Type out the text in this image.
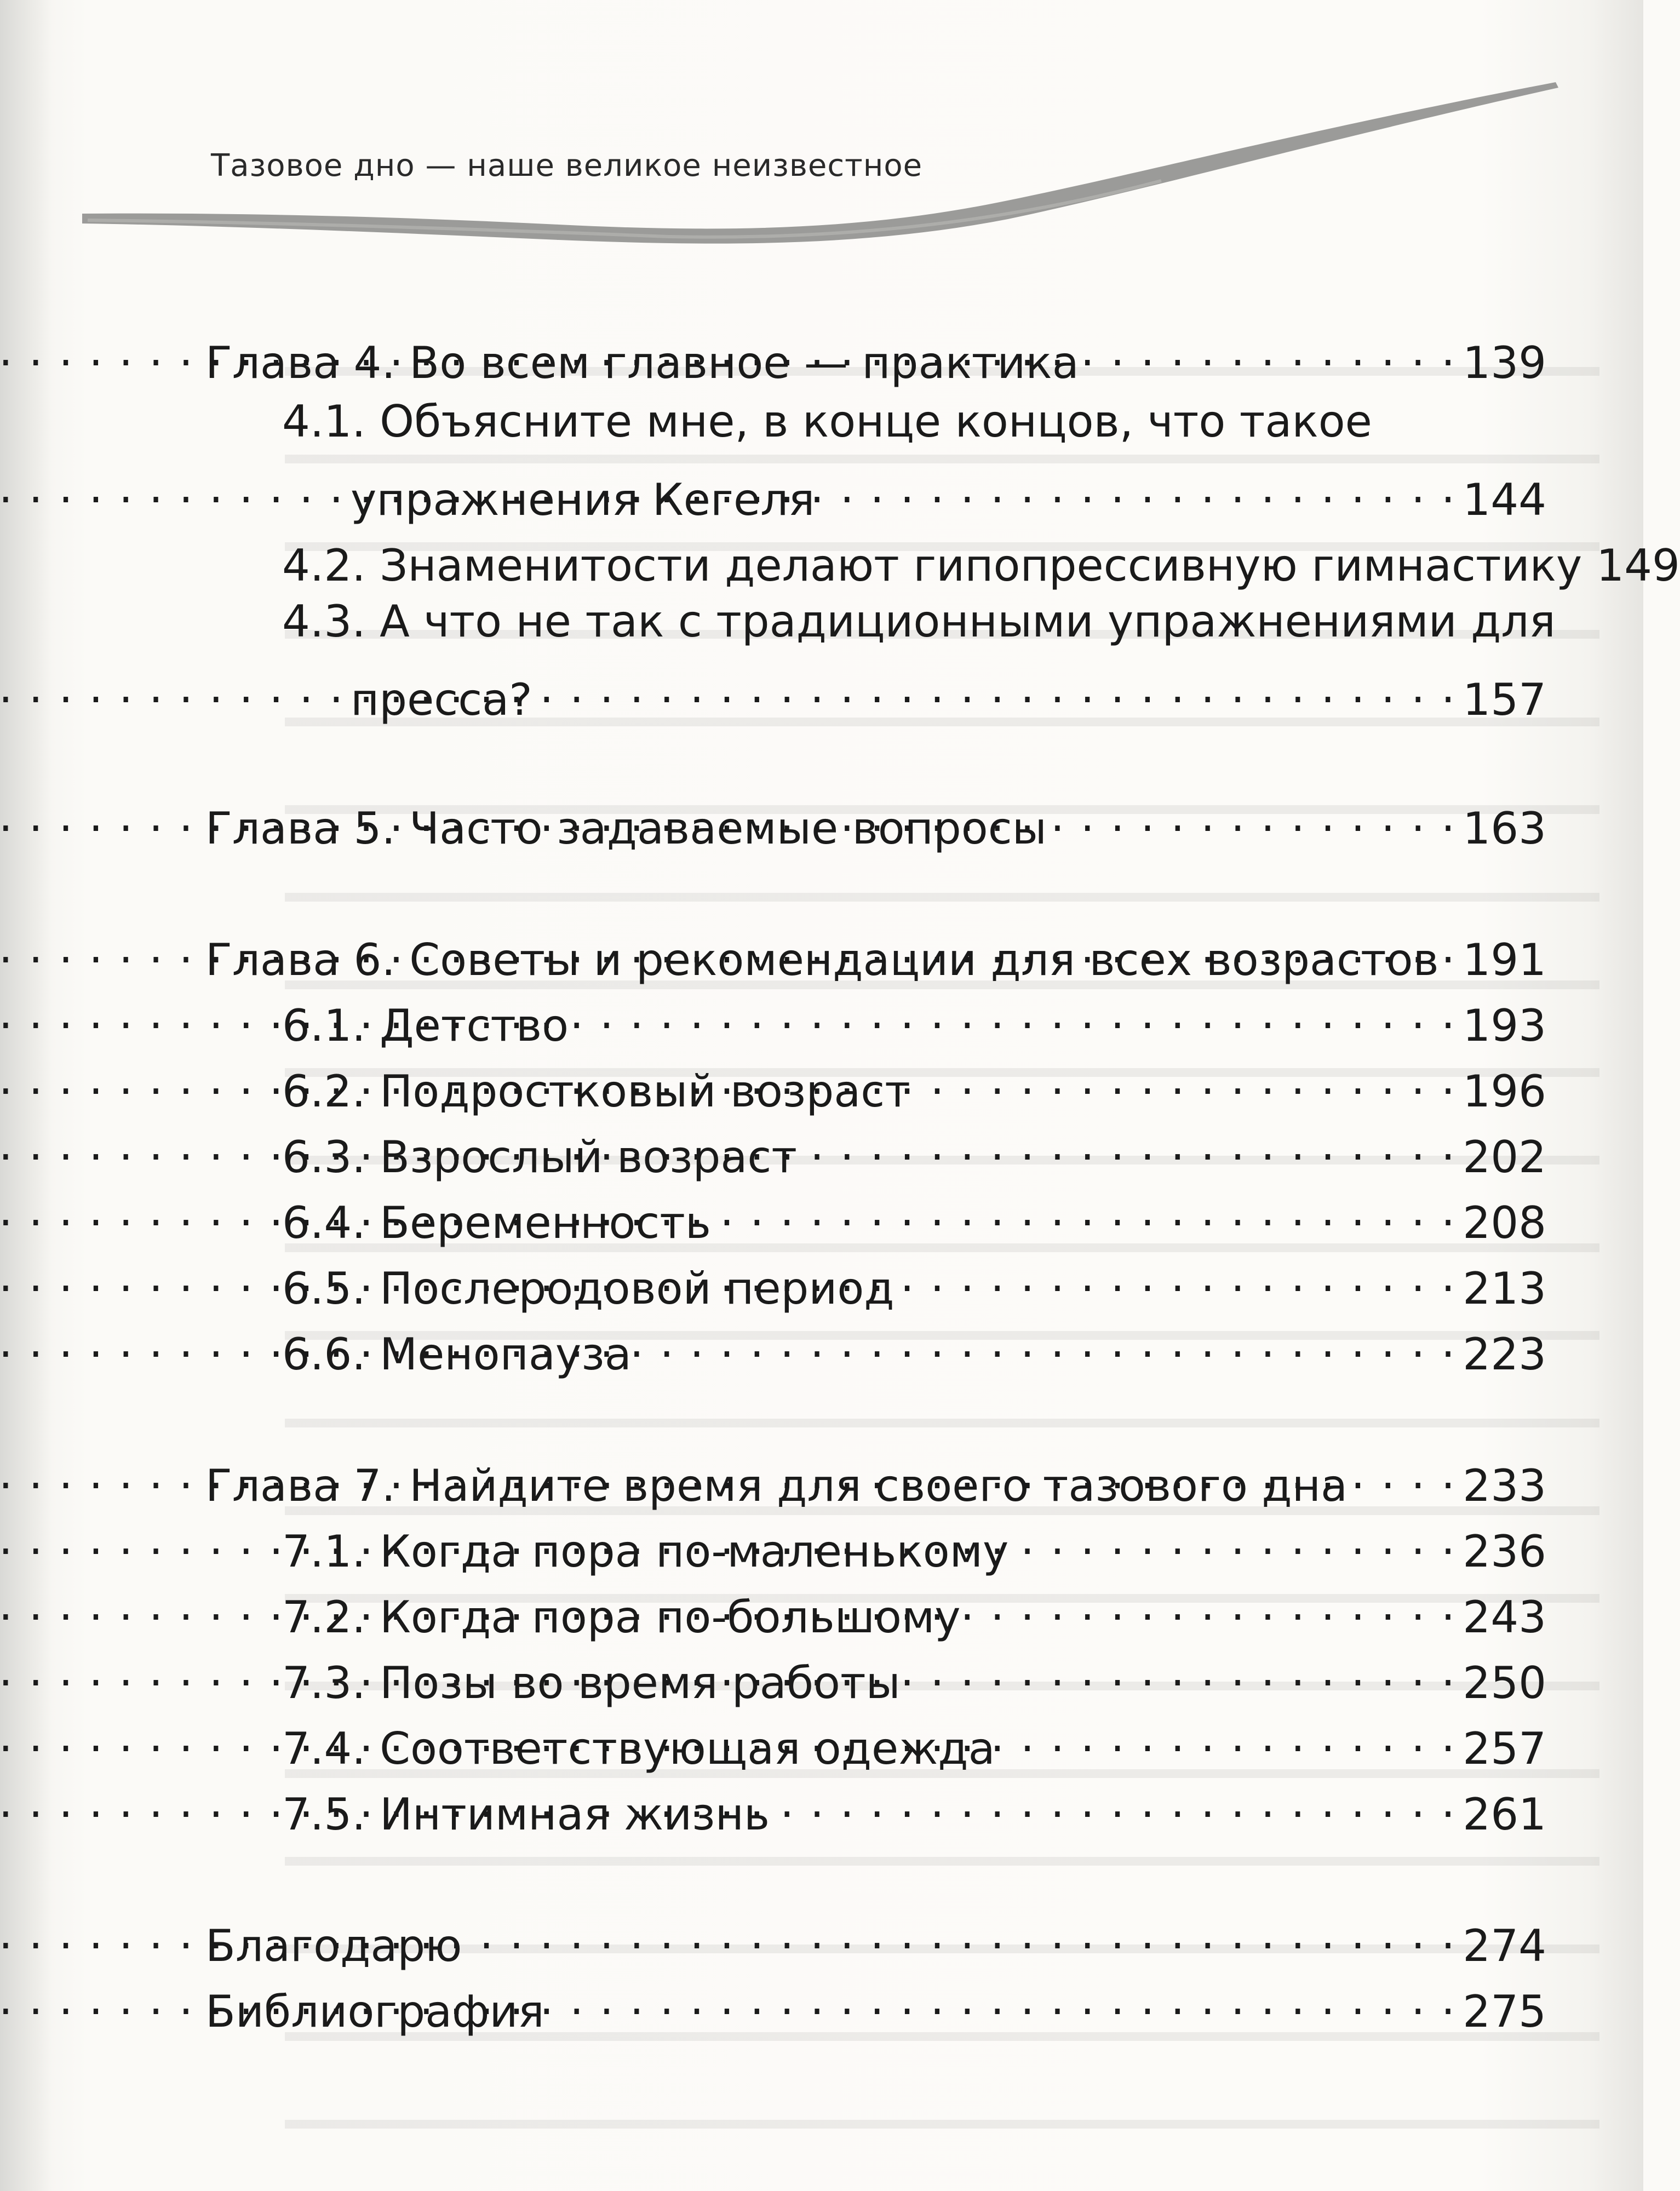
Тазовое дно — наше великое неизвестное
Глава 4. Во всем главное — практика . . .	139
4.1. Объясните мне, в конце концов, что такое
упражнения Кегеля . . .	144
4.2. Знаменитости делают гипопрессивную гимнастику 149
4.3. А что не так с традиционными упражнениями для
пресса? . . .	157
Глава 5. Часто задаваемые вопросы . . .	163
Глава 6. Советы и рекомендации для всех возрастов . . . 191
6.1. Детство . . .	193
6.2. Подростковый возраст . . .	196
6.3. Взрослый возраст . . .	202
6.4. Беременность . . .	208
6.5. Послеродовой период . . .	213
6.6. Менопауза . . .	223
Глава 7. Найдите время для своего тазового дна . . .	233
7.1. Когда пора по-маленькому . . .	236
7.2. Когда пора по-большому . . .	243
7.3. Позы во время работы . . .	250
7.4. Соответствующая одежда . . .	257
7.5. Интимная жизнь . . .	261
Благодарю . . .	274
Библиография . . .	275
